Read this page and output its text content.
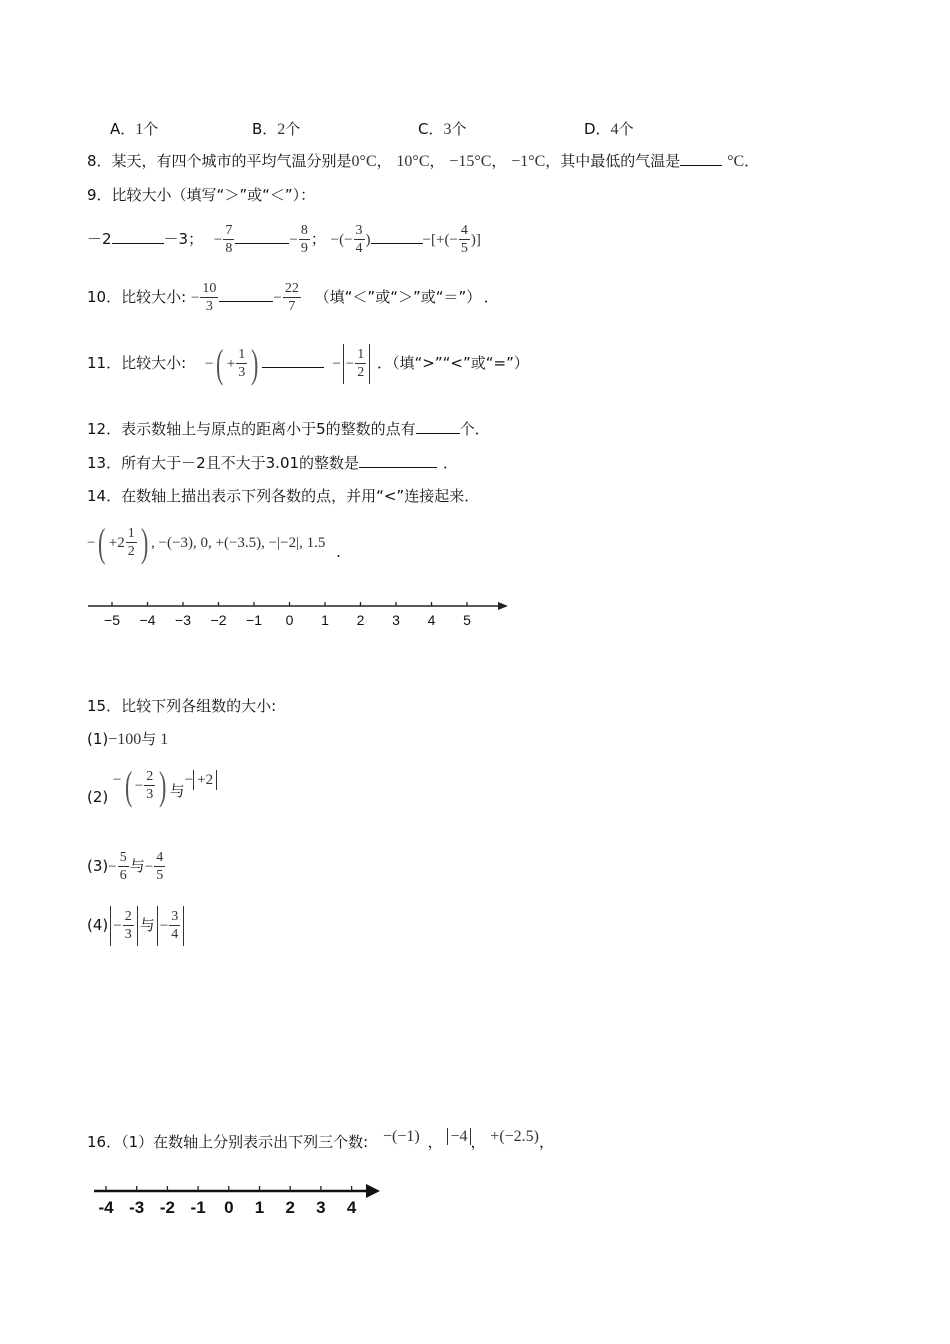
A．1个	B．2个	C．3个	D．4个
8．某天，有四个城市的平均气温分别是0°C， 10°C， −15°C， −1°C，其中最低的气温是	°C．
9．比较大小（填写“＞”或“＜”）：
－2	－3； − $\frac{7}{8}$	− $\frac{8}{9}$ ； −(− $\frac{3}{4}$ )	−[+(− $\frac{4}{5}$ )]
10．比较大小: − $\frac{10}{3}$	− $\frac{22}{7}$ （填“＜”或“＞”或“＝”） ．
11．比较大小: −( + $\frac{1}{3}$ )	− − $\frac{1}{2}$ ．（填“>”“<”或“=”）
12．表示数轴上与原点的距离小于5的整数的点有	个．
13．所有大于－2且不大于3.01的整数是	．
14．在数轴上描出表示下列各数的点，并用“<”连接起来．
−( $+2 \frac{1}{2}$ ) , −(−3), 0, +(−3.5), −|−2|, 1.5 .
−5 −4 −3 −2 −1 0 1 2 3 4 5
15．比较下列各组数的大小:
(1)−100与 1
(2) −( − $\frac{2}{3}$ ) 与− +2
$(3)- \frac{5}{6}$ 与− $\frac{4}{5}$
$(4) - \frac{2}{3}$ 与 − $\frac{3}{4}$
16．（1）在数轴上分别表示出下列三个数: −(−1) ， −4 ， +(−2.5)，
-4 -3 -2 -1 0 1 2 3 4
